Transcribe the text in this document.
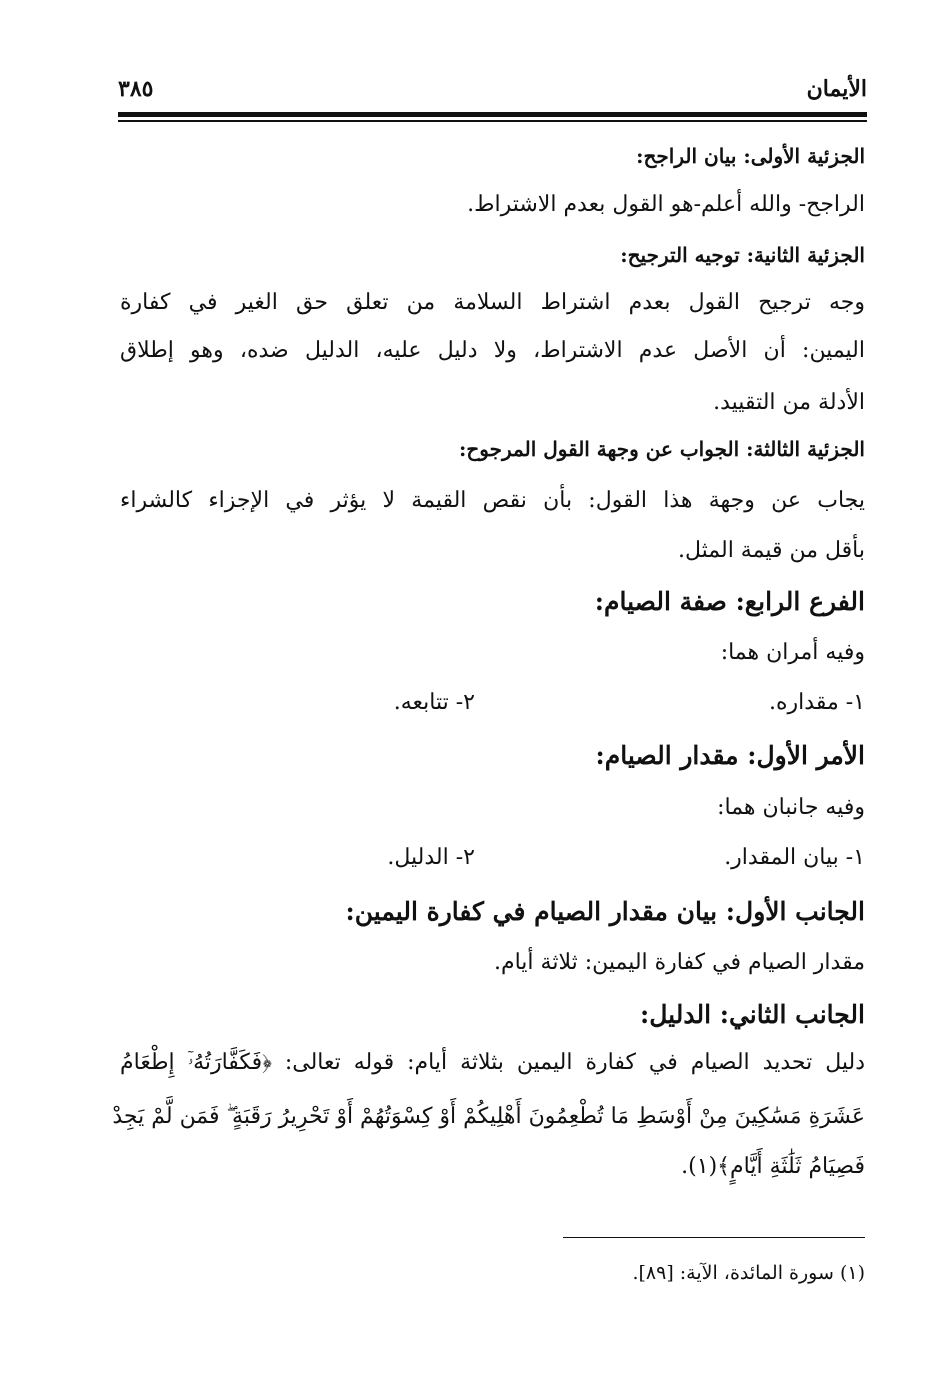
الأيمان
٣٨٥
الجزئية الأولى: بيان الراجح:
الراجح- والله أعلم-هو القول بعدم الاشتراط.
الجزئية الثانية: توجيه الترجيح:
وجه ترجيح القول بعدم اشتراط السلامة من تعلق حق الغير في كفارة
اليمين: أن الأصل عدم الاشتراط، ولا دليل عليه، الدليل ضده، وهو إطلاق
الأدلة من التقييد.
الجزئية الثالثة: الجواب عن وجهة القول المرجوح:
يجاب عن وجهة هذا القول: بأن نقص القيمة لا يؤثر في الإجزاء كالشراء
بأقل من قيمة المثل.
الفرع الرابع: صفة الصيام:
وفيه أمران هما:
١- مقداره.
٢- تتابعه.
الأمر الأول: مقدار الصيام:
وفيه جانبان هما:
١- بيان المقدار.
٢- الدليل.
الجانب الأول: بيان مقدار الصيام في كفارة اليمين:
مقدار الصيام في كفارة اليمين: ثلاثة أيام.
الجانب الثاني: الدليل:
دليل تحديد الصيام في كفارة اليمين بثلاثة أيام: قوله تعالى: ﴿فَكَفَّارَتُهُۥٓ إِطْعَامُ
عَشَرَةِ مَسَٰكِينَ مِنْ أَوْسَطِ مَا تُطْعِمُونَ أَهْلِيكُمْ أَوْ كِسْوَتُهُمْ أَوْ تَحْرِيرُ رَقَبَةٍ ۖ فَمَن لَّمْ يَجِدْ
فَصِيَامُ ثَلَٰثَةِ أَيَّامٍ﴾(١).
(١) سورة المائدة، الآية: [٨٩].
